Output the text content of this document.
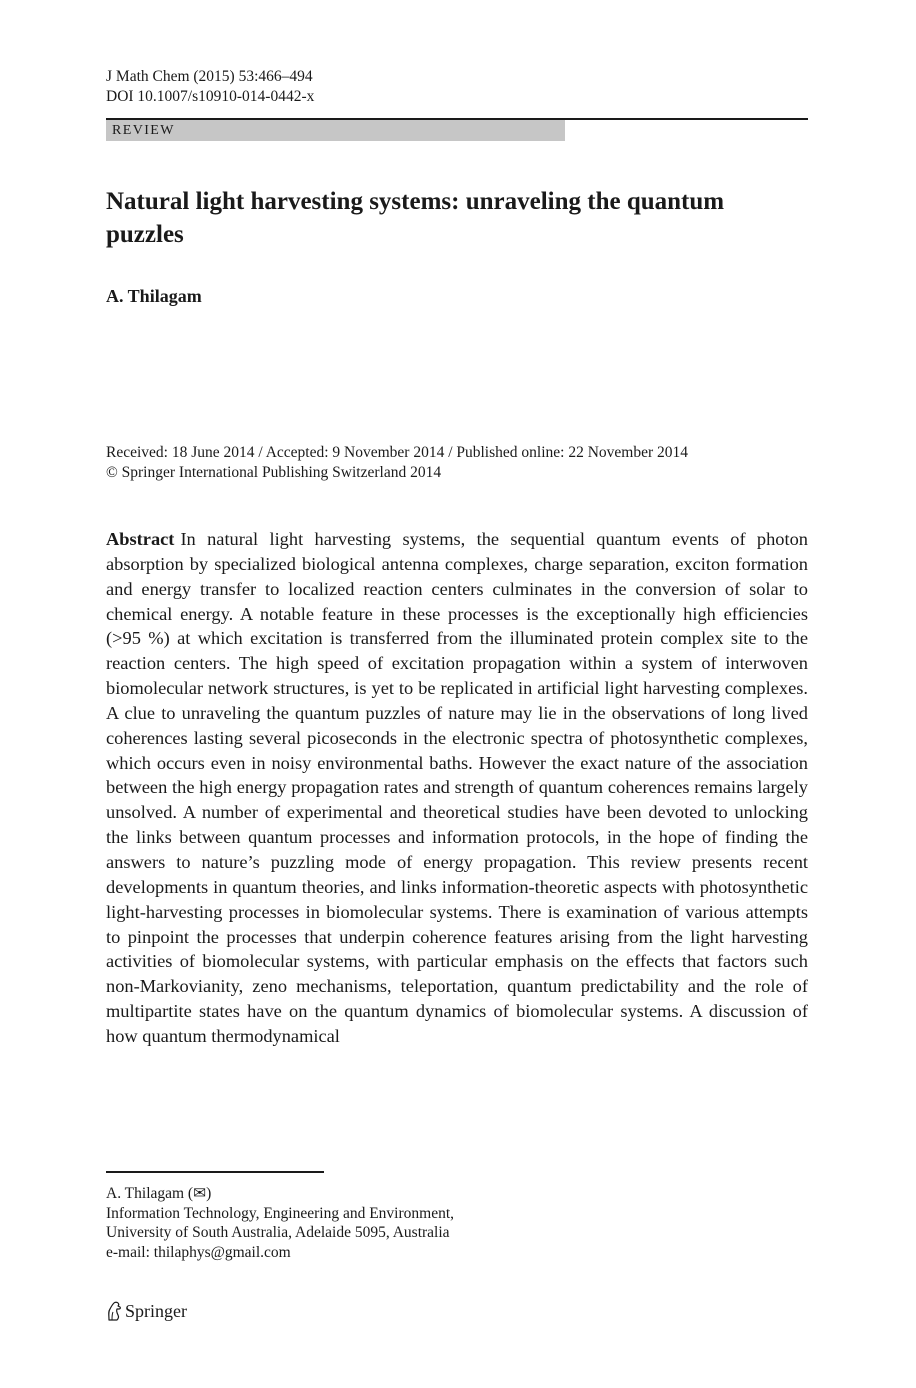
J Math Chem (2015) 53:466–494
DOI 10.1007/s10910-014-0442-x
REVIEW
Natural light harvesting systems: unraveling the quantum puzzles
A. Thilagam
Received: 18 June 2014 / Accepted: 9 November 2014 / Published online: 22 November 2014
© Springer International Publishing Switzerland 2014

Abstract In natural light harvesting systems, the sequential quantum events of photon absorption by specialized biological antenna complexes, charge separation, exciton formation and energy transfer to localized reaction centers culminates in the conversion of solar to chemical energy. A notable feature in these processes is the exceptionally high efficiencies (>95 %) at which excitation is transferred from the illuminated protein complex site to the reaction centers. The high speed of excitation propagation within a system of interwoven biomolecular network structures, is yet to be replicated in artificial light harvesting complexes. A clue to unraveling the quantum puzzles of nature may lie in the observations of long lived coherences lasting several picoseconds in the electronic spectra of photosynthetic complexes, which occurs even in noisy environmental baths. However the exact nature of the association between the high energy propagation rates and strength of quantum coherences remains largely unsolved. A number of experimental and theoretical studies have been devoted to unlocking the links between quantum processes and information protocols, in the hope of finding the answers to nature’s puzzling mode of energy propagation. This review presents recent developments in quantum theories, and links information-theoretic aspects with photosynthetic light-harvesting processes in biomolecular systems. There is examination of various attempts to pinpoint the processes that underpin coherence features arising from the light harvesting activities of biomolecular systems, with particular emphasis on the effects that factors such non-Markovianity, zeno mechanisms, teleportation, quantum predictability and the role of multipartite states have on the quantum dynamics of biomolecular systems. A discussion of how quantum thermodynamical

A. Thilagam (✉)
Information Technology, Engineering and Environment,
University of South Australia, Adelaide 5095, Australia
e-mail: thilaphys@gmail.com
Springer
